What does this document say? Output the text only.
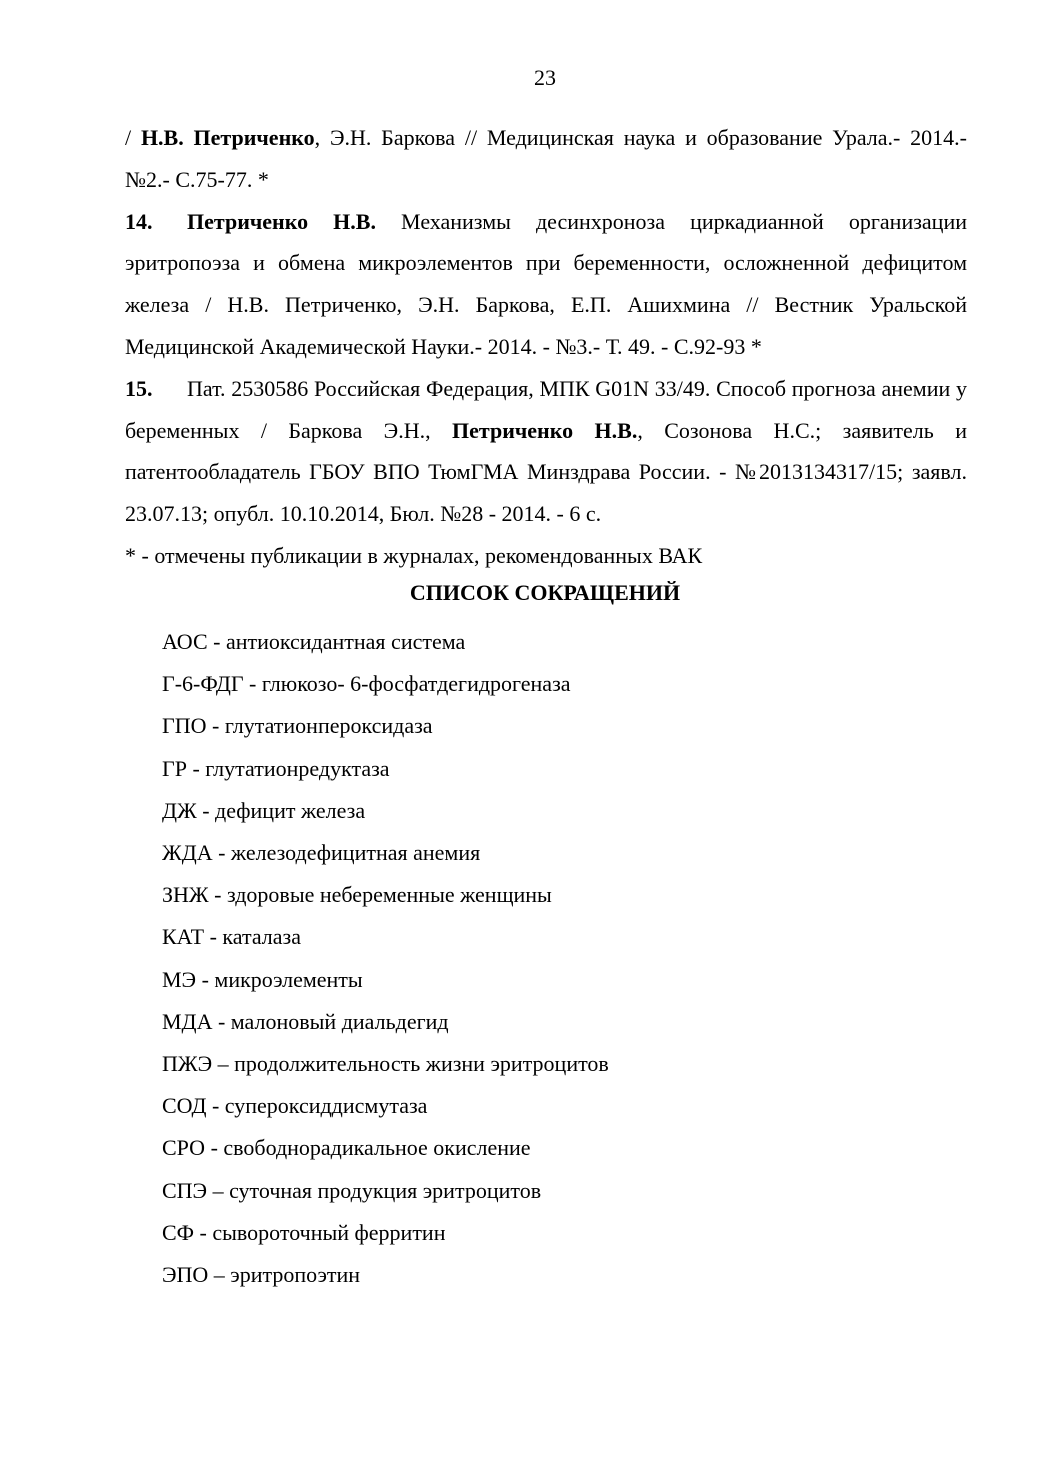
23

/ Н.В. Петриченко, Э.Н. Баркова // Медицинская наука и образование Урала.- 2014.- №2.- С.75-77. *

14. Петриченко Н.В. Механизмы десинхроноза циркадианной организации эритропоэза и обмена микроэлементов при беременности, осложненной дефицитом железа / Н.В. Петриченко, Э.Н. Баркова, Е.П. Ашихмина // Вестник Уральской Медицинской Академической Науки.- 2014. - №3.- Т. 49. - С.92-93 *

15. Пат. 2530586 Российская Федерация, МПК G01N 33/49. Способ прогноза анемии у беременных / Баркова Э.Н., Петриченко Н.В., Созонова Н.С.; заявитель и патентообладатель ГБОУ ВПО ТюмГМА Минздрава России. - №2013134317/15; заявл. 23.07.13; опубл. 10.10.2014, Бюл. №28 - 2014. - 6 с.

* - отмечены публикации в журналах, рекомендованных ВАК

СПИСОК СОКРАЩЕНИЙ
АОС - антиоксидантная система
Г-6-ФДГ - глюкозо- 6-фосфатдегидрогеназа
ГПО - глутатионпероксидаза
ГР - глутатионредуктаза
ДЖ - дефицит железа
ЖДА - железодефицитная анемия
ЗНЖ - здоровые небеременные женщины
КАТ - каталаза
МЭ - микроэлементы
МДА - малоновый диальдегид
ПЖЭ – продолжительность жизни эритроцитов
СОД - супероксиддисмутаза
СРО - свободнорадикальное окисление
СПЭ – суточная продукция эритроцитов
СФ - сывороточный ферритин
ЭПО – эритропоэтин
